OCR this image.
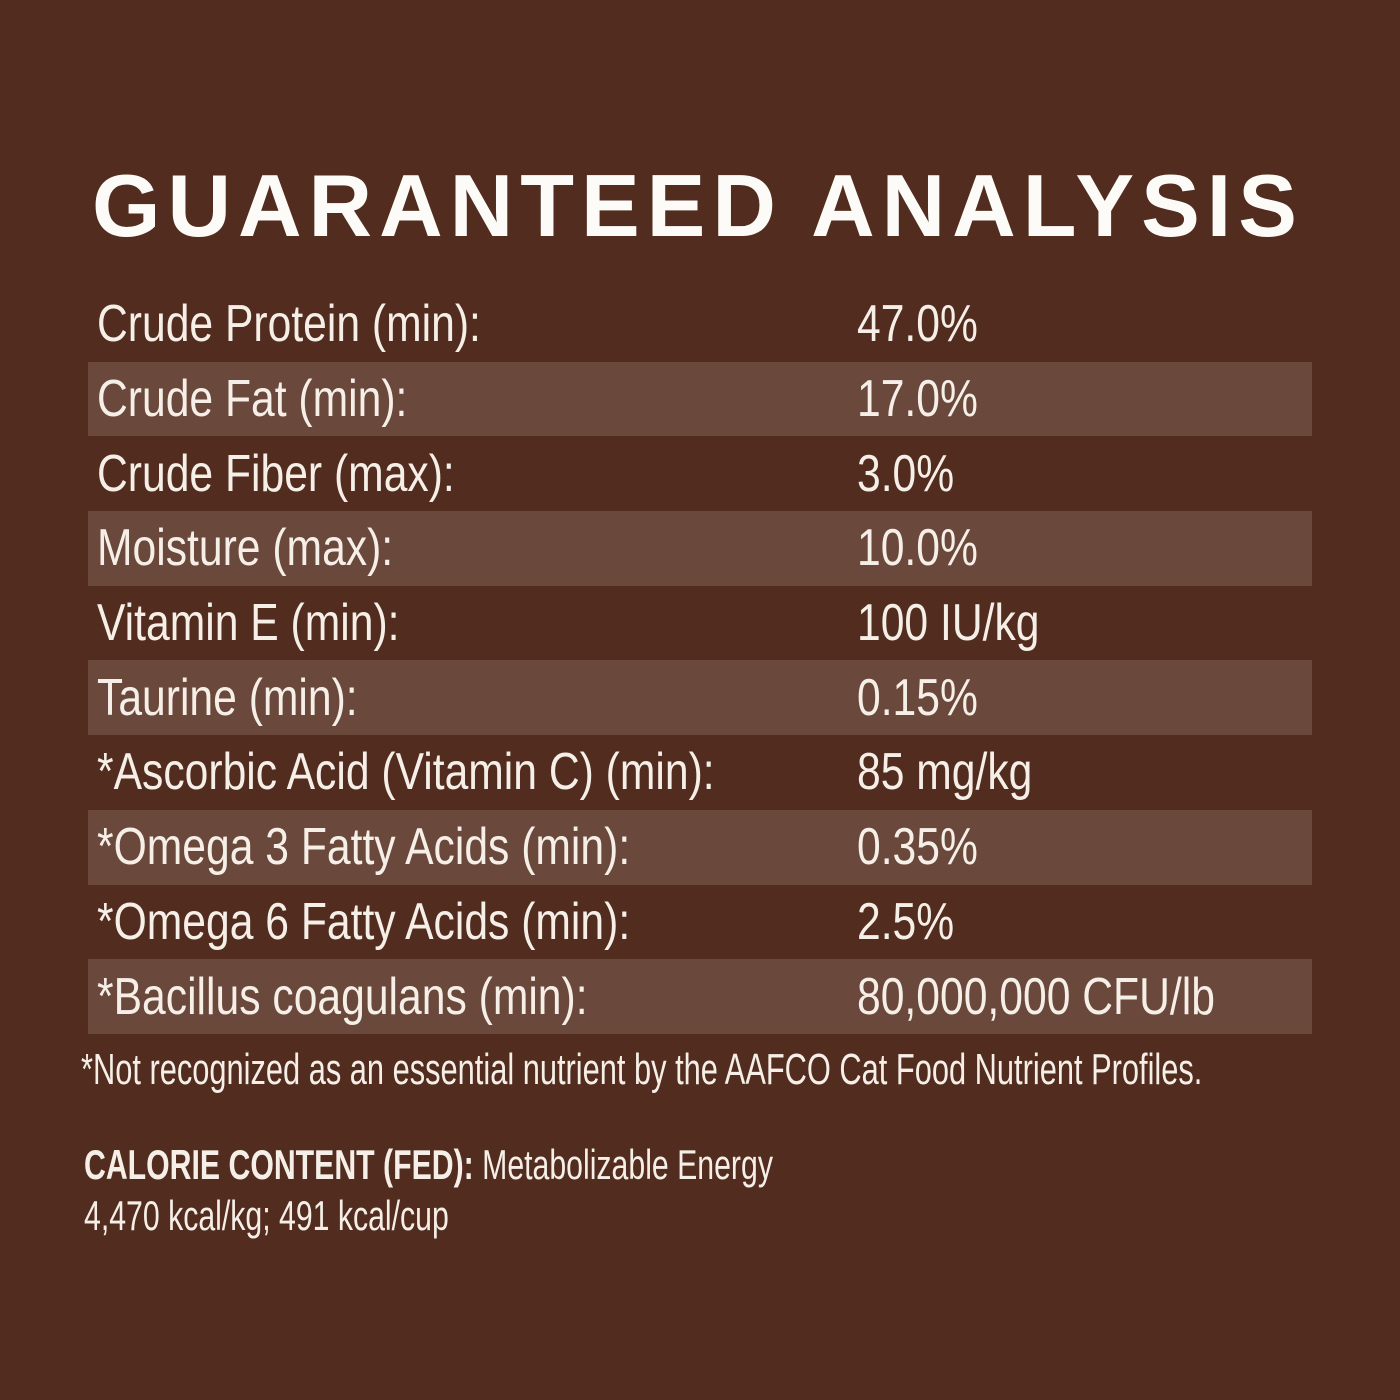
GUARANTEED ANALYSIS
Crude Protein (min):	47.0%
Crude Fat (min):	17.0%
Crude Fiber (max):	3.0%
Moisture (max):	10.0%
Vitamin E (min):	100 IU/kg
Taurine (min):	0.15%
*Ascorbic Acid (Vitamin C) (min):	85 mg/kg
*Omega 3 Fatty Acids (min):	0.35%
*Omega 6 Fatty Acids (min):	2.5%
*Bacillus coagulans (min):	80,000,000 CFU/lb
*Not recognized as an essential nutrient by the AAFCO Cat Food Nutrient Profiles.
CALORIE CONTENT (FED): Metabolizable Energy
4,470 kcal/kg; 491 kcal/cup
